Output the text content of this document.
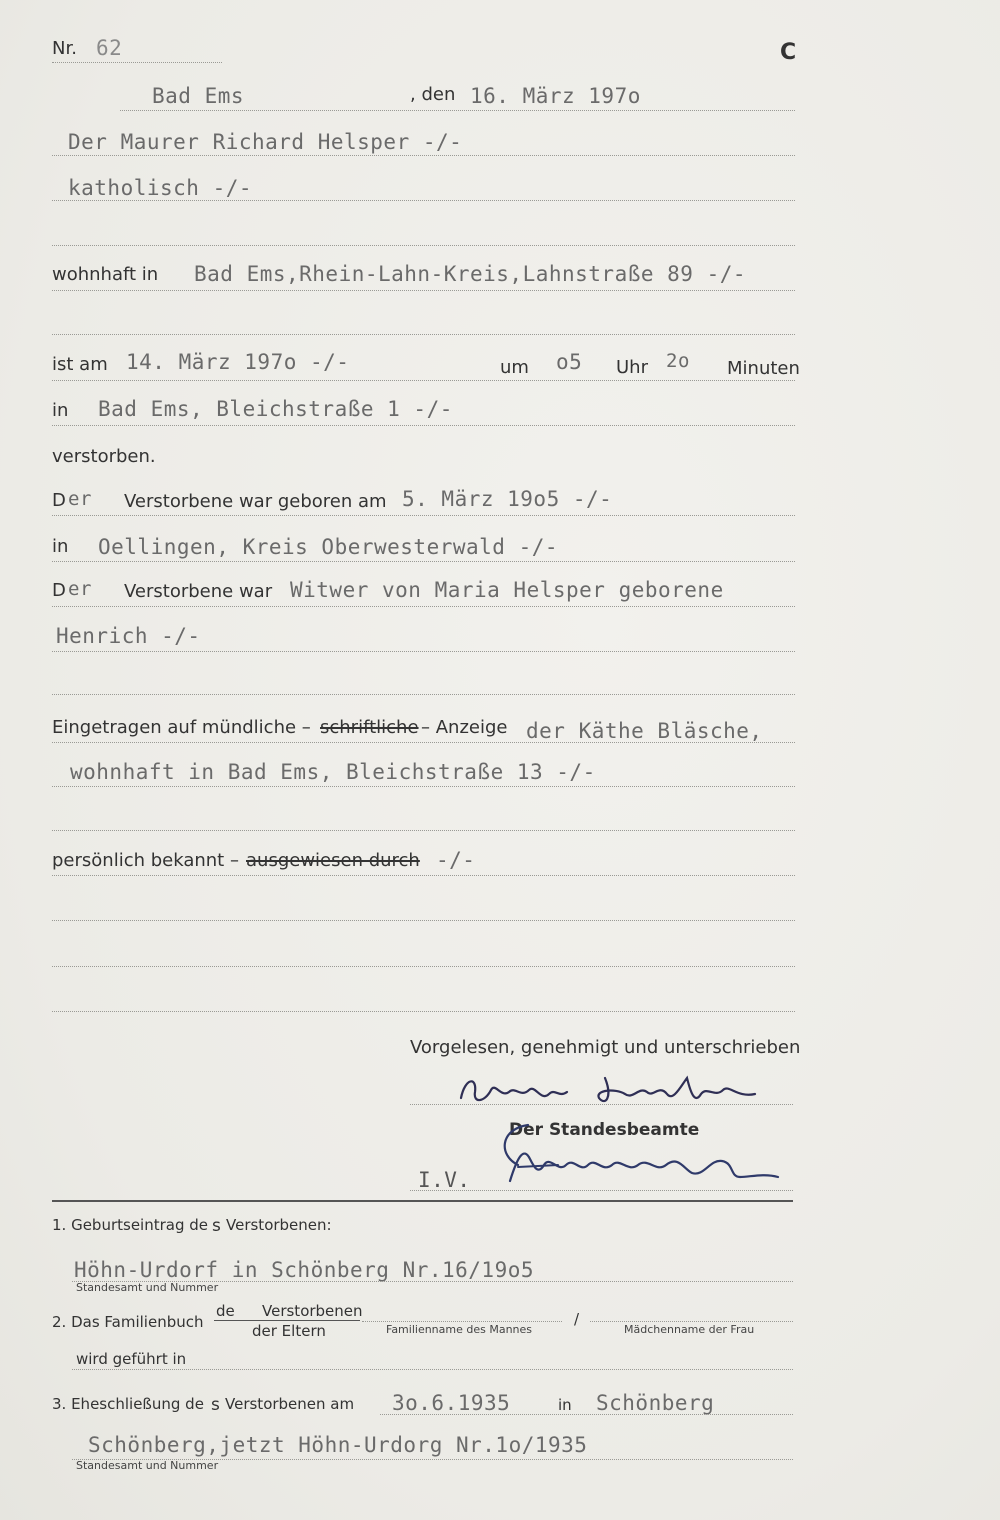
Nr. 62	C
Bad Ems	, den 16. März 197o
Der Maurer Richard Helsper -/-
katholisch -/-
wohnhaft in Bad Ems,Rhein-Lahn-Kreis,Lahnstraße 89 -/-
ist am 14. März 197o -/-	um o5 Uhr 2o Minuten
in Bad Ems, Bleichstraße 1 -/-
verstorben.
D er Verstorbene war geboren am 5. März 19o5 -/-
in Oellingen, Kreis Oberwesterwald -/-
D er Verstorbene war Witwer von Maria Helsper geborene
Henrich -/-
Eingetragen auf mündliche – schriftliche – Anzeige der Käthe Bläsche,
wohnhaft in Bad Ems, Bleichstraße 13 -/-
persönlich bekannt – ausgewiesen durch -/-
Vorgelesen, genehmigt und unterschrieben
Der Standesbeamte
I.V.
1. Geburtseintrag de s Verstorbenen:
Höhn-Urdorf in Schönberg Nr.16/19o5
Standesamt und Nummer
2. Das Familienbuch
de Verstorbenen
der Eltern	Familienname des Mannes
/
Mädchenname der Frau
wird geführt in
3. Eheschließung de s Verstorbenen am 3o.6.1935	in Schönberg
Schönberg,jetzt Höhn-Urdorg Nr.1o/1935
Standesamt und Nummer
